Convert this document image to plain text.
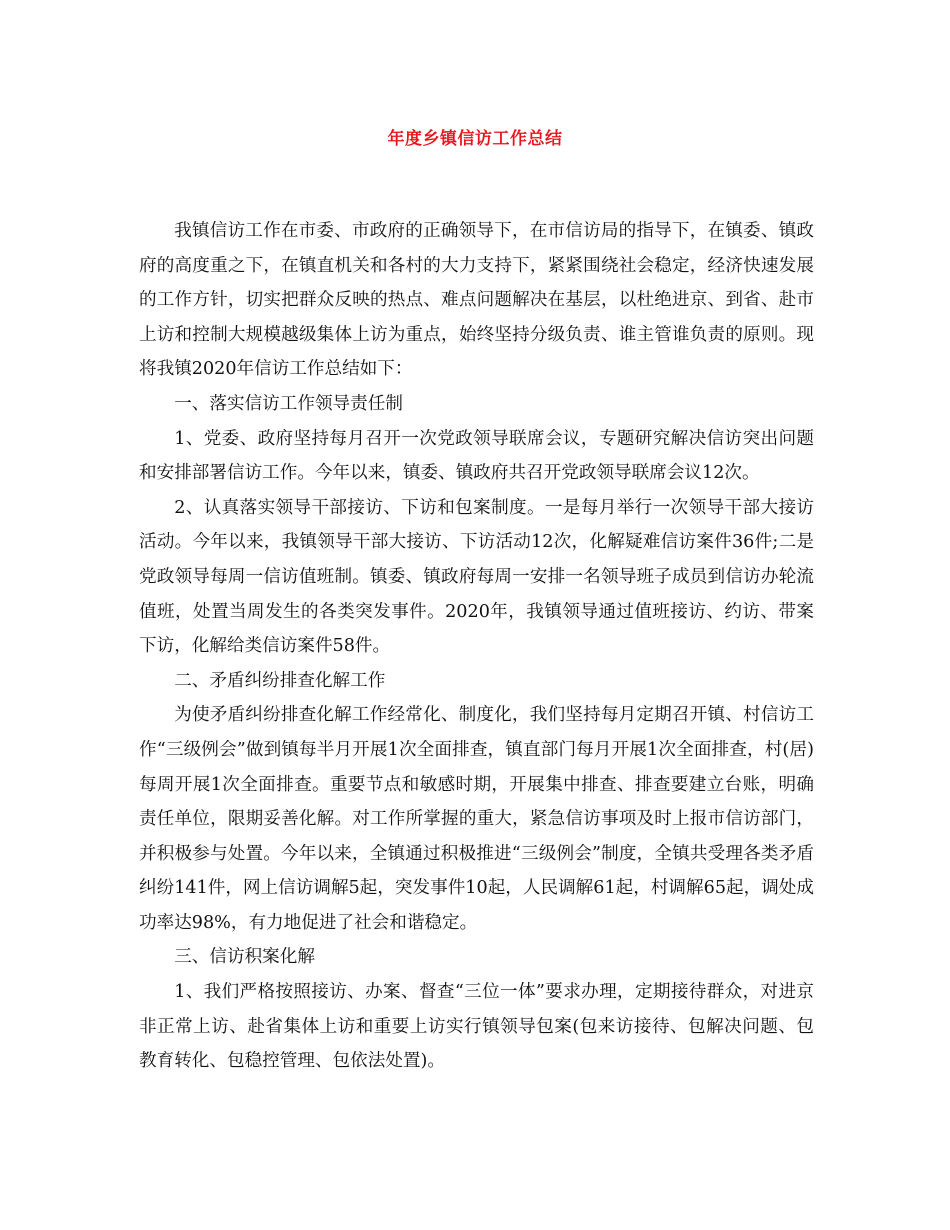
年度乡镇信访工作总结

我镇信访工作在市委、市政府的正确领导下，在市信访局的指导下，在镇委、镇政府的高度重之下，在镇直机关和各村的大力支持下，紧紧围绕社会稳定，经济快速发展的工作方针，切实把群众反映的热点、难点问题解决在基层，以杜绝进京、到省、赴市上访和控制大规模越级集体上访为重点，始终坚持分级负责、谁主管谁负责的原则。现将我镇2020年信访工作总结如下：

一、落实信访工作领导责任制

1、党委、政府坚持每月召开一次党政领导联席会议，专题研究解决信访突出问题和安排部署信访工作。今年以来，镇委、镇政府共召开党政领导联席会议12次。

2、认真落实领导干部接访、下访和包案制度。一是每月举行一次领导干部大接访活动。今年以来，我镇领导干部大接访、下访活动12次，化解疑难信访案件36件;二是党政领导每周一信访值班制。镇委、镇政府每周一安排一名领导班子成员到信访办轮流值班，处置当周发生的各类突发事件。2020年，我镇领导通过值班接访、约访、带案下访，化解给类信访案件58件。

二、矛盾纠纷排查化解工作

为使矛盾纠纷排查化解工作经常化、制度化，我们坚持每月定期召开镇、村信访工作“三级例会”做到镇每半月开展1次全面排查，镇直部门每月开展1次全面排查，村(居)每周开展1次全面排查。重要节点和敏感时期，开展集中排查、排查要建立台账，明确责任单位，限期妥善化解。对工作所掌握的重大，紧急信访事项及时上报市信访部门，并积极参与处置。今年以来，全镇通过积极推进“三级例会”制度，全镇共受理各类矛盾纠纷141件，网上信访调解5起，突发事件10起，人民调解61起，村调解65起，调处成功率达98%，有力地促进了社会和谐稳定。

三、信访积案化解

1、我们严格按照接访、办案、督查“三位一体”要求办理，定期接待群众，对进京非正常上访、赴省集体上访和重要上访实行镇领导包案(包来访接待、包解决问题、包教育转化、包稳控管理、包依法处置)。
